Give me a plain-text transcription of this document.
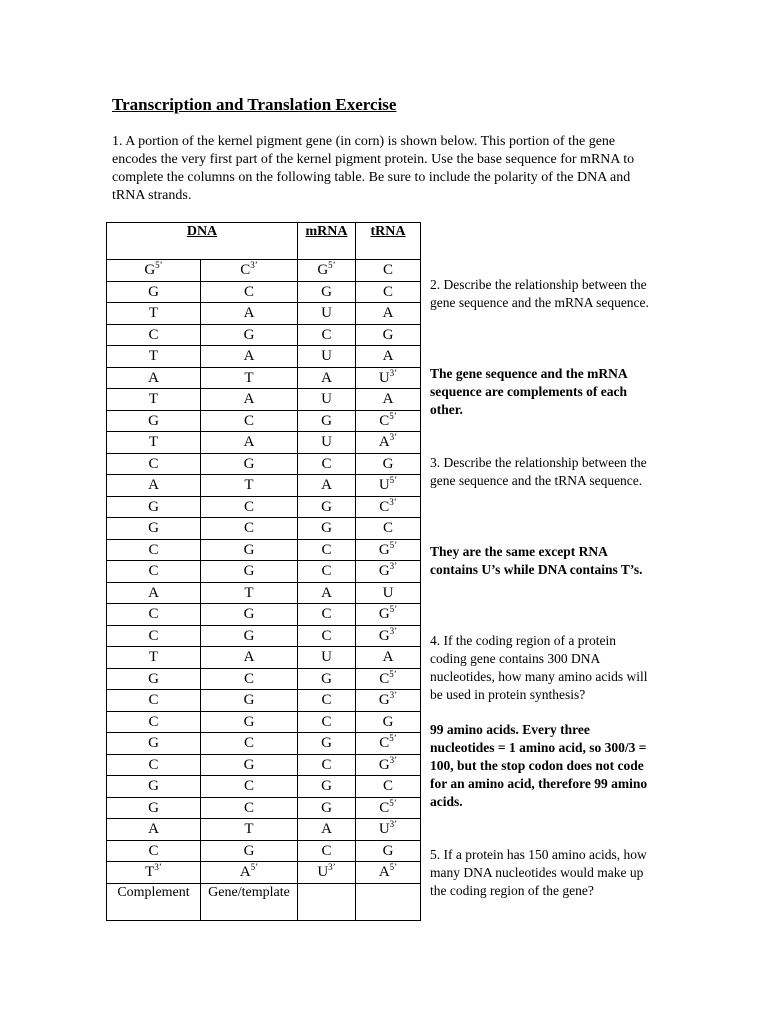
Transcription and Translation Exercise
1. A portion of the kernel pigment gene (in corn) is shown below. This portion of the gene encodes the very first part of the kernel pigment protein. Use the base sequence for mRNA to complete the columns on the following table. Be sure to include the polarity of the DNA and tRNA strands.
DNA		mRNA	tRNA
$G^{5’}$	$C^{3’}$	$G^{5’}$	C
G	C	G	C
T	A	U	A
C	G	C	G
T	A	U	A
A	T	A	$U^{3’}$
T	A	U	A
G	C	G	$C^{5’}$
T	A	U	$A^{3’}$
C	G	C	G
A	T	A	$U^{5’}$
G	C	G	$C^{3’}$
G	C	G	C
C	G	C	$G^{5’}$
C	G	C	$G^{3’}$
A	T	A	U
C	G	C	$G^{5’}$
C	G	C	$G^{3’}$
T	A	U	A
G	C	G	$C^{5’}$
C	G	C	$G^{3’}$
C	G	C	G
G	C	G	$C^{5’}$
C	G	C	$G^{3’}$
G	C	G	C
G	C	G	$C^{5’}$
A	T	A	$U^{3’}$
C	G	C	G
$T^{3’}$	$A^{5’}$	$U^{3’}$	$A^{5’}$
Complement	Gene/template		
2. Describe the relationship between the gene sequence and the mRNA sequence.
The gene sequence and the mRNA sequence are complements of each other.
3. Describe the relationship between the gene sequence and the tRNA sequence.
They are the same except RNA contains U’s while DNA contains T’s.
4. If the coding region of a protein coding gene contains 300 DNA nucleotides, how many amino acids will be used in protein synthesis?
99 amino acids. Every three nucleotides = 1 amino acid, so 300/3 = 100, but the stop codon does not code for an amino acid, therefore 99 amino acids.
5. If a protein has 150 amino acids, how many DNA nucleotides would make up the coding region of the gene?
